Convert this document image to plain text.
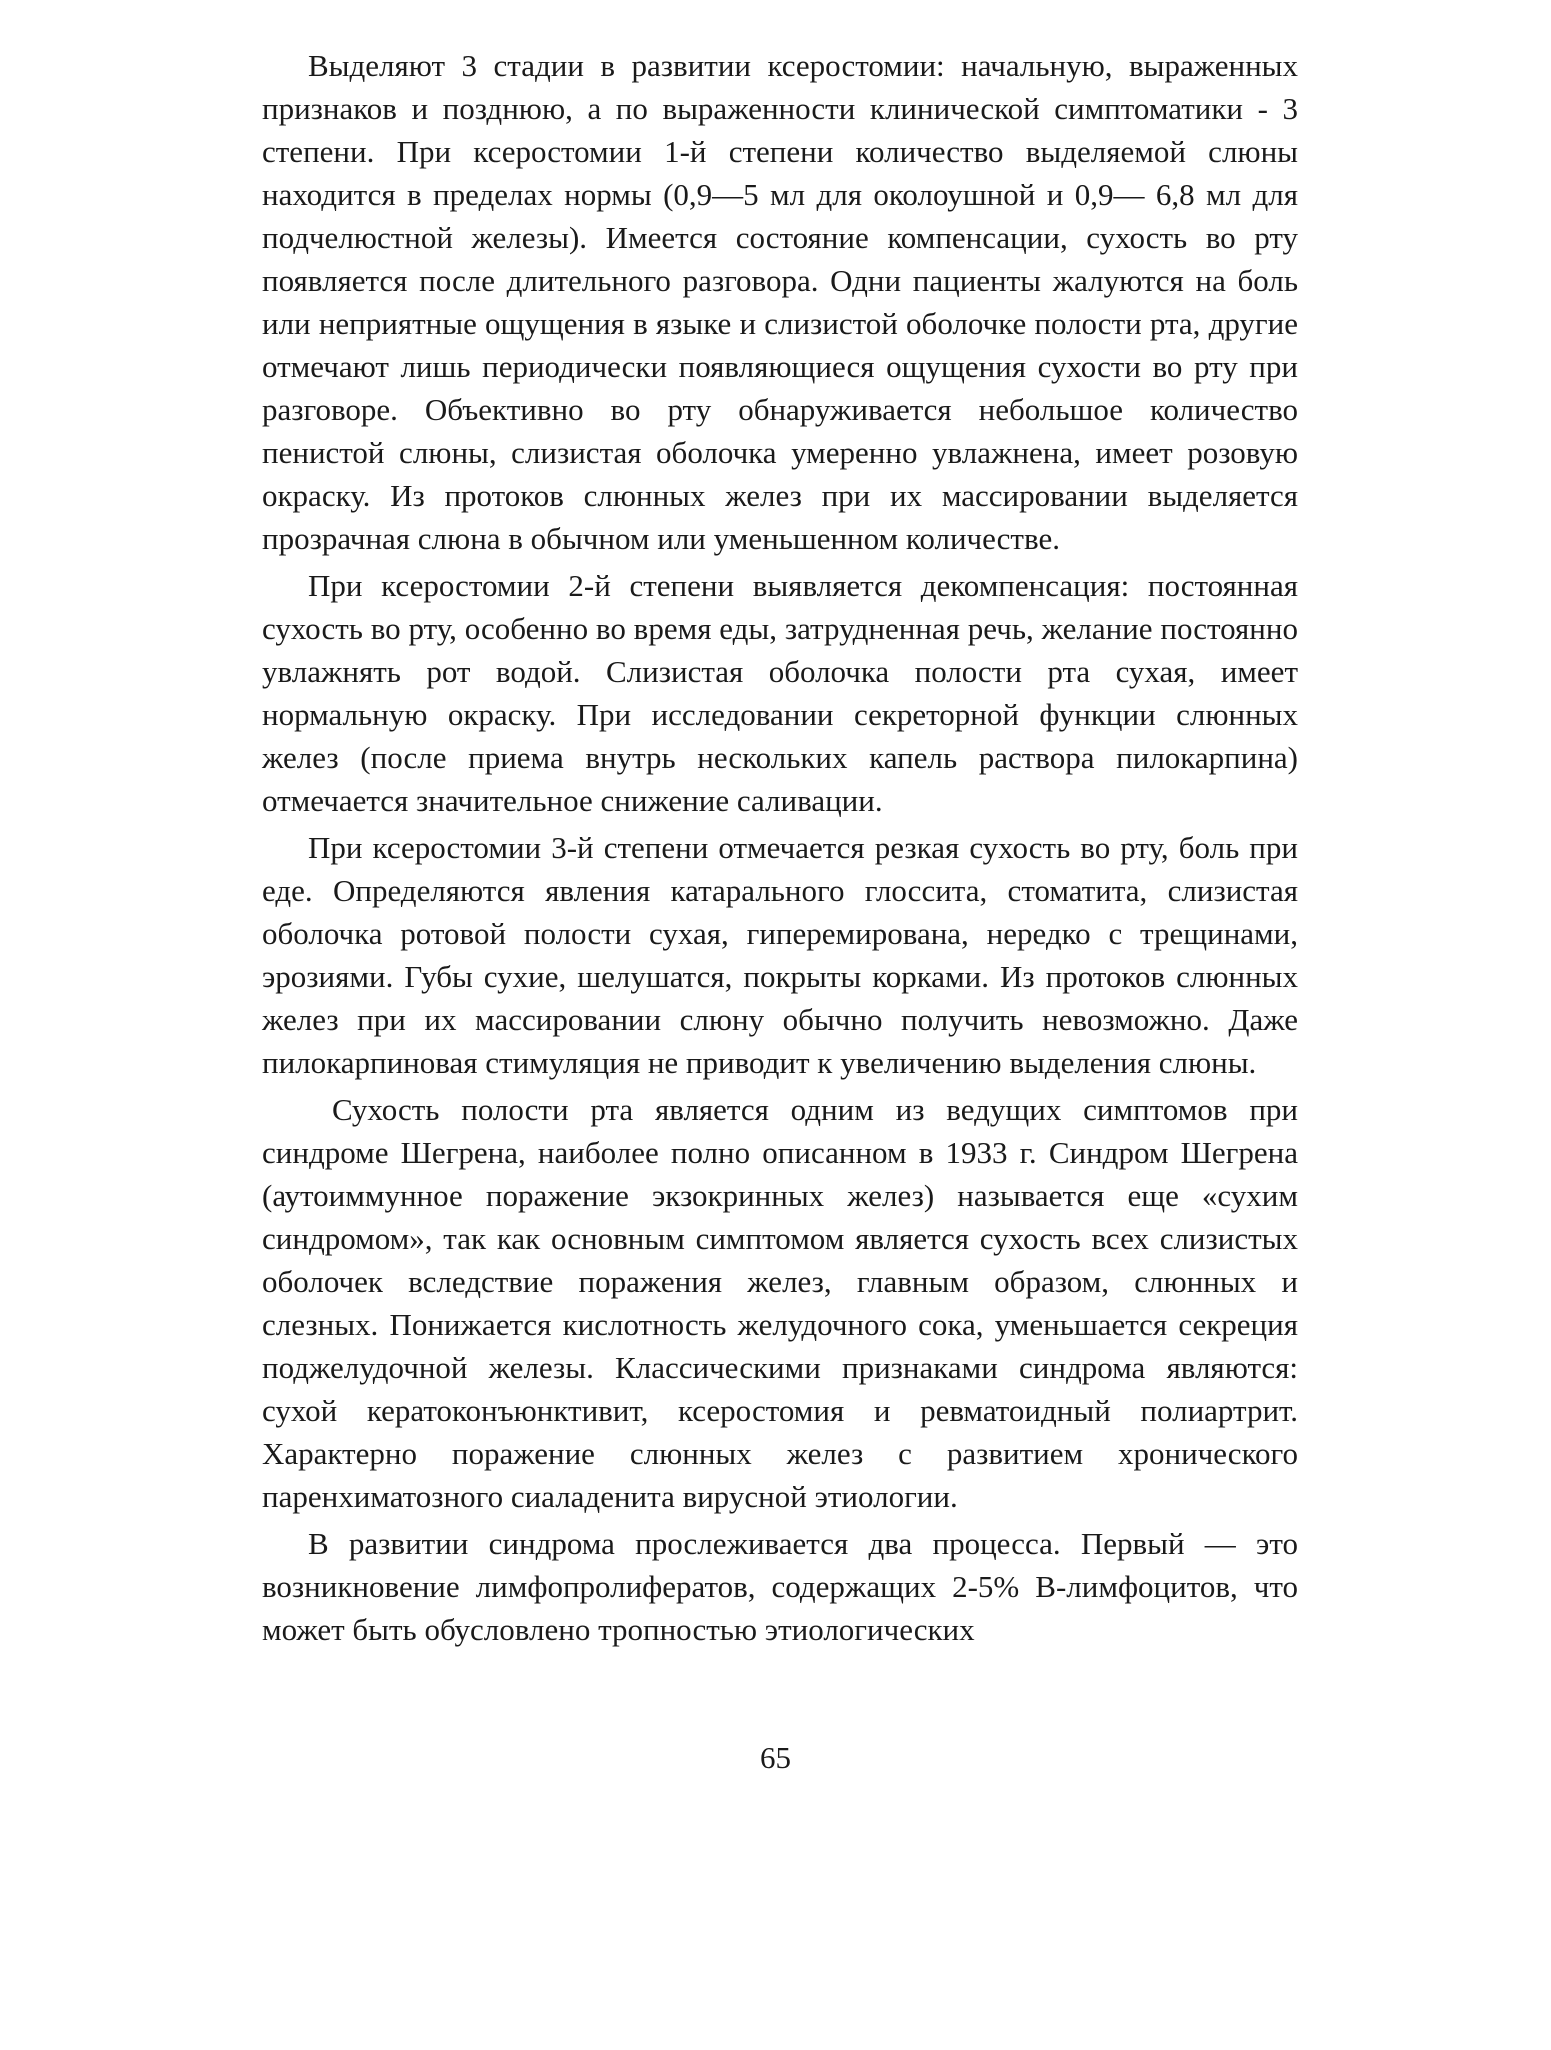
Выделяют 3 стадии в развитии ксеростомии: начальную, выраженных признаков и позднюю, а по выраженности клинической симптоматики - 3 степени. При ксеростомии 1-й степени количество выделяемой слюны находится в пределах нормы (0,9—5 мл для околоушной и 0,9— 6,8 мл для подчелюстной железы). Имеется состояние компенсации, сухость во рту появляется после длительного разговора. Одни пациенты жалуются на боль или неприятные ощущения в языке и слизистой оболочке полости рта, другие отмечают лишь периодически появляющиеся ощущения сухости во рту при разговоре. Объективно во рту обнаруживается небольшое количество пенистой слюны, слизистая оболочка умеренно увлажнена, имеет розовую окраску. Из протоков слюнных желез при их массировании выделяется прозрачная слюна в обычном или уменьшенном количестве.

При ксеростомии 2-й степени выявляется декомпенсация: постоянная сухость во рту, особенно во время еды, затрудненная речь, желание постоянно увлажнять рот водой. Слизистая оболочка полости рта сухая, имеет нормальную окраску. При исследовании секреторной функции слюнных желез (после приема внутрь нескольких капель раствора пилокарпина) отмечается значительное снижение саливации.

При ксеростомии 3-й степени отмечается резкая сухость во рту, боль при еде. Определяются явления катарального глоссита, стоматита, слизистая оболочка ротовой полости сухая, гиперемирована, нередко с трещинами, эрозиями. Губы сухие, шелушатся, покрыты корками. Из протоков слюнных желез при их массировании слюну обычно получить невозможно. Даже пилокарпиновая стимуляция не приводит к увеличению выделения слюны.

Сухость полости рта является одним из ведущих симптомов при синдроме Шегрена, наиболее полно описанном в 1933 г. Синдром Шегрена (аутоиммунное поражение экзокринных желез) называется еще «сухим синдромом», так как основным симптомом является сухость всех слизистых оболочек вследствие поражения желез, главным образом, слюнных и слезных. Понижается кислотность желудочного сока, уменьшается секреция поджелудочной железы. Классическими признаками синдрома являются: сухой кератоконъюнктивит, ксеростомия и ревматоидный полиартрит. Характерно поражение слюнных желез с развитием хронического паренхиматозного сиаладенита вирусной этиологии.

В развитии синдрома прослеживается два процесса. Первый — это возникновение лимфопролифератов, содержащих 2-5% B-лимфоцитов, что может быть обусловлено тропностью этиологических

65
